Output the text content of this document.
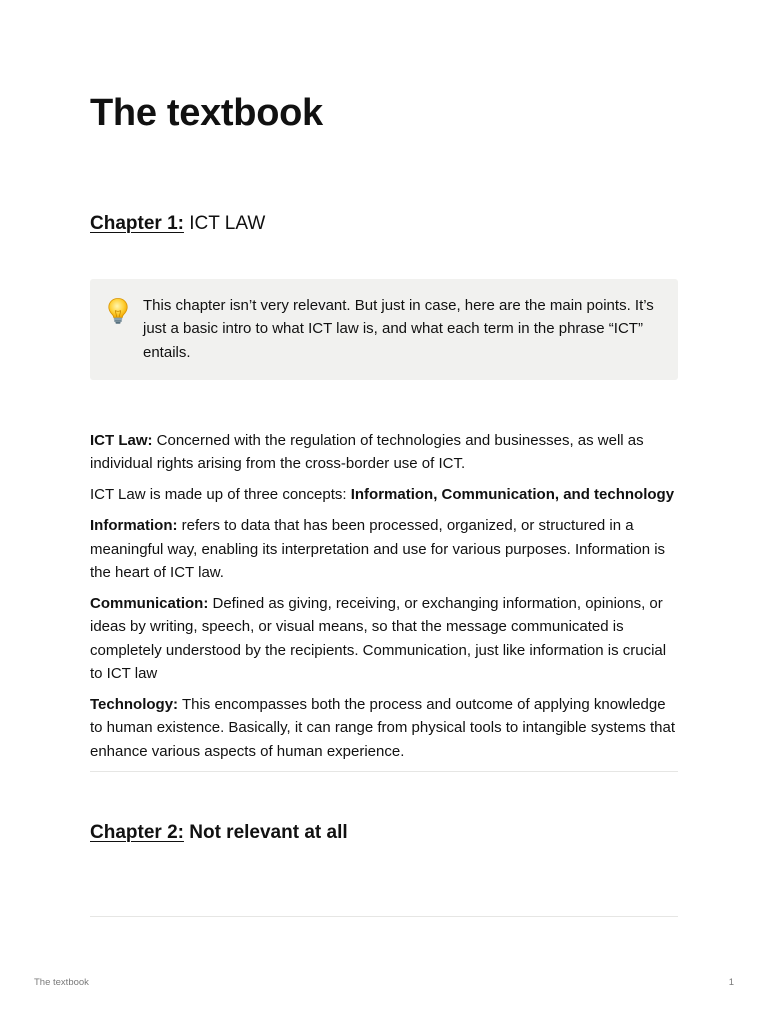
The textbook
Chapter 1: ICT LAW

This chapter isn’t very relevant. But just in case, here are the main points. It’s just a basic intro to what ICT law is, and what each term in the phrase “ICT” entails.

ICT Law: Concerned with the regulation of technologies and businesses, as well as individual rights arising from the cross-border use of ICT.

ICT Law is made up of three concepts: Information, Communication, and technology

Information: refers to data that has been processed, organized, or structured in a meaningful way, enabling its interpretation and use for various purposes. Information is the heart of ICT law.

Communication: Defined as giving, receiving, or exchanging information, opinions, or ideas by writing, speech, or visual means, so that the message communicated is completely understood by the recipients. Communication, just like information is crucial to ICT law

Technology: This encompasses both the process and outcome of applying knowledge to human existence. Basically, it can range from physical tools to intangible systems that enhance various aspects of human experience.

Chapter 2: Not relevant at all
The textbook	1
